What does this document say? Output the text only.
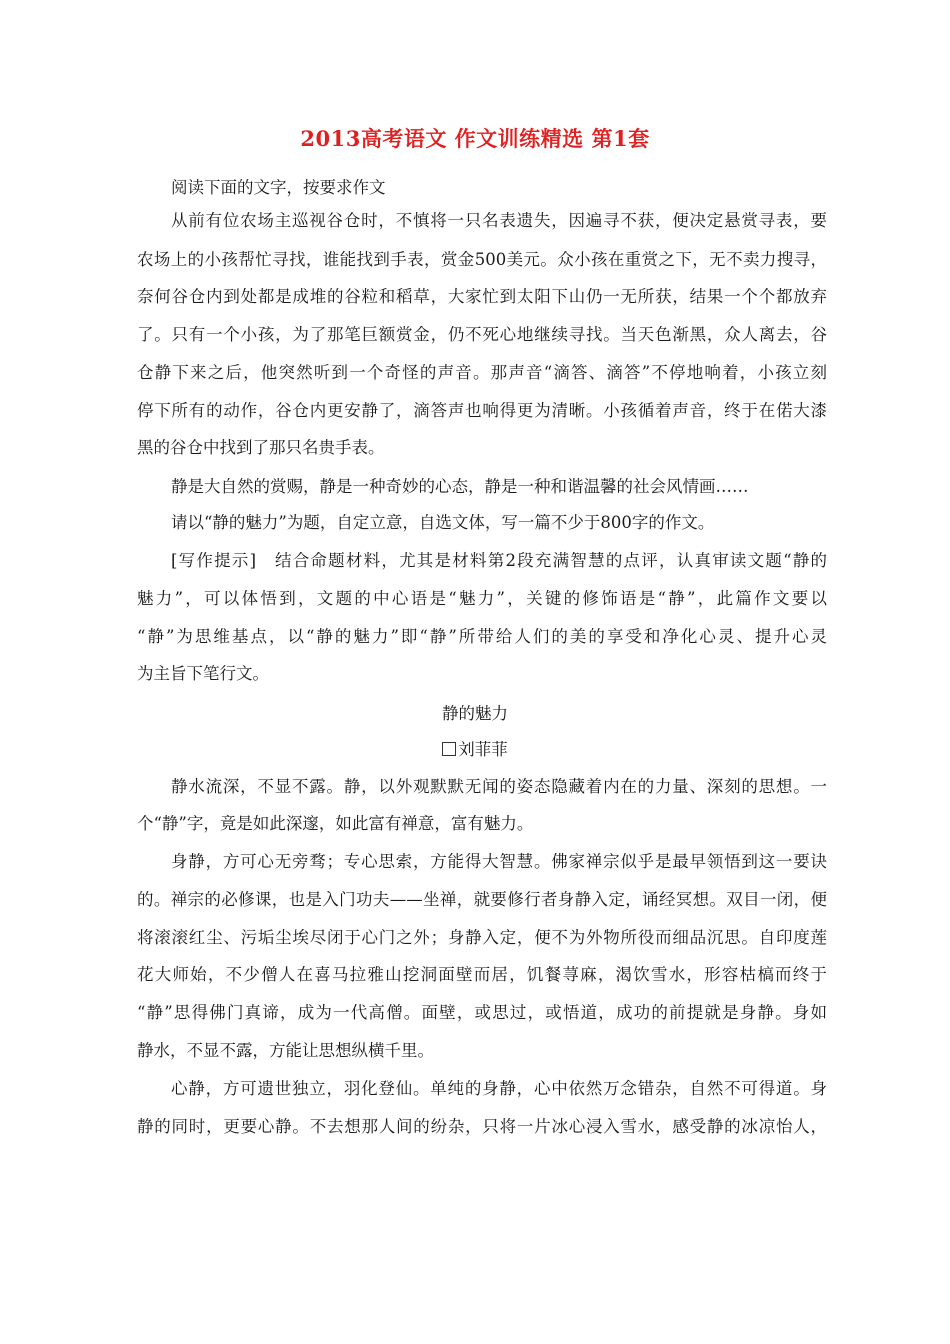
2013高考语文 作文训练精选 第1套
阅读下面的文字，按要求作文
从前有位农场主巡视谷仓时，不慎将一只名表遗失，因遍寻不获，便决定悬赏寻表，要
农场上的小孩帮忙寻找，谁能找到手表，赏金500美元。众小孩在重赏之下，无不卖力搜寻，
奈何谷仓内到处都是成堆的谷粒和稻草，大家忙到太阳下山仍一无所获，结果一个个都放弃
了。只有一个小孩，为了那笔巨额赏金，仍不死心地继续寻找。当天色渐黑，众人离去，谷
仓静下来之后，他突然听到一个奇怪的声音。那声音“滴答、滴答”不停地响着，小孩立刻
停下所有的动作，谷仓内更安静了，滴答声也响得更为清晰。小孩循着声音，终于在偌大漆
黑的谷仓中找到了那只名贵手表。
静是大自然的赏赐，静是一种奇妙的心态，静是一种和谐温馨的社会风情画……
请以“静的魅力”为题，自定立意，自选文体，写一篇不少于800字的作文。
[写作提示]　结合命题材料，尤其是材料第2段充满智慧的点评，认真审读文题“静的
魅力”，可以体悟到，文题的中心语是“魅力”，关键的修饰语是“静”，此篇作文要以
“静”为思维基点，以“静的魅力”即“静”所带给人们的美的享受和净化心灵、提升心灵
为主旨下笔行文。
静的魅力
刘菲菲
静水流深，不显不露。静，以外观默默无闻的姿态隐藏着内在的力量、深刻的思想。一
个“静”字，竟是如此深邃，如此富有禅意，富有魅力。
身静，方可心无旁骛；专心思索，方能得大智慧。佛家禅宗似乎是最早领悟到这一要诀
的。禅宗的必修课，也是入门功夫——坐禅，就要修行者身静入定，诵经冥想。双目一闭，便
将滚滚红尘、污垢尘埃尽闭于心门之外；身静入定，便不为外物所役而细品沉思。自印度莲
花大师始，不少僧人在喜马拉雅山挖洞面壁而居，饥餐荨麻，渴饮雪水，形容枯槁而终于
“静”思得佛门真谛，成为一代高僧。面壁，或思过，或悟道，成功的前提就是身静。身如
静水，不显不露，方能让思想纵横千里。
心静，方可遗世独立，羽化登仙。单纯的身静，心中依然万念错杂，自然不可得道。身
静的同时，更要心静。不去想那人间的纷杂，只将一片冰心浸入雪水，感受静的冰凉怡人，
